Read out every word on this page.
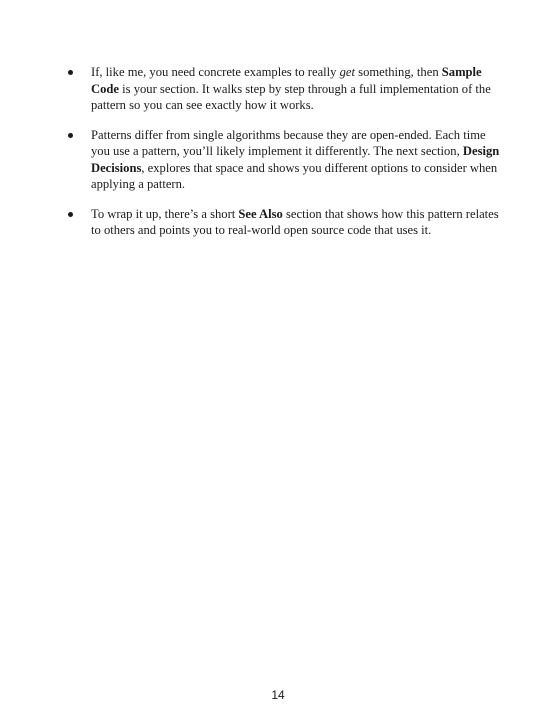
If, like me, you need concrete examples to really get something, then Sample Code is your section. It walks step by step through a full implementation of the pattern so you can see exactly how it works.
Patterns differ from single algorithms because they are open-ended. Each time you use a pattern, you’ll likely implement it differently. The next section, Design Decisions, explores that space and shows you different options to consider when applying a pattern.
To wrap it up, there’s a short See Also section that shows how this pattern relates to others and points you to real-world open source code that uses it.
14
